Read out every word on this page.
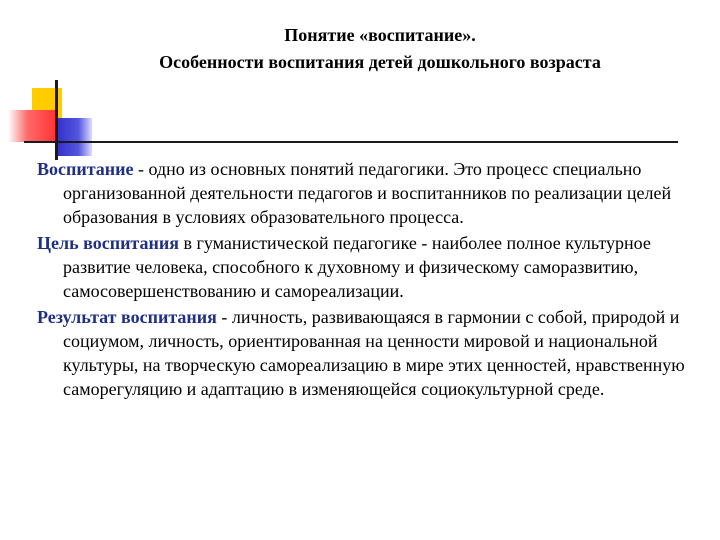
Понятие «воспитание».
Особенности воспитания детей дошкольного возраста

Воспитание - одно из основных понятий педагогики. Это процесс специально организованной деятельности педагогов и воспитанников по реализации целей образования в условиях образовательного процесса.

Цель воспитания в гуманистической педагогике - наиболее полное культурное развитие человека, способного к духовному и физическому саморазвитию, самосовершенствованию и самореализации.

Результат воспитания - личность, развивающаяся в гармонии с собой, природой и социумом, личность, ориентированная на ценности мировой и национальной культуры, на творческую самореализацию в мире этих ценностей, нравственную саморегуляцию и адаптацию в изменяющейся социокультурной среде.
